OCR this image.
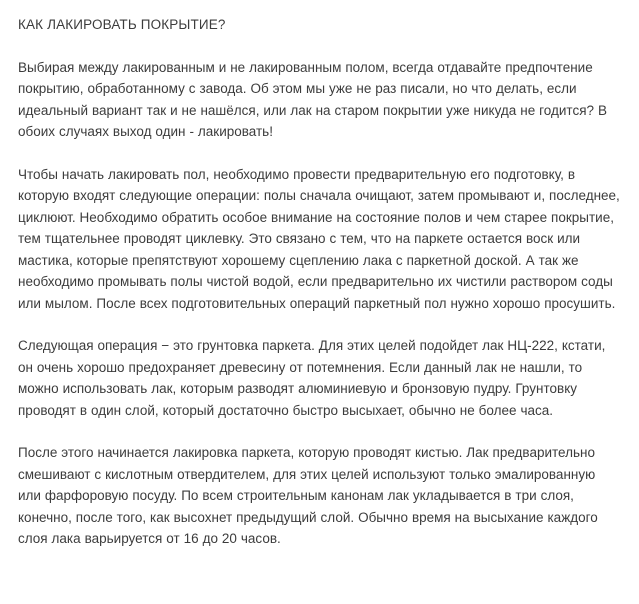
КАК ЛАКИРОВАТЬ ПОКРЫТИЕ?

Выбирая между лакированным и не лакированным полом, всегда отдавайте предпочтение покрытию, обработанному с завода. Об этом мы уже не раз писали, но что делать, если идеальный вариант так и не нашёлся, или лак на старом покрытии уже никуда не годится? В обоих случаях выход один - лакировать!

Чтобы начать лакировать пол, необходимо провести предварительную его подготовку, в которую входят следующие операции: полы сначала очищают, затем промывают и, последнее, циклюют. Необходимо обратить особое внимание на состояние полов и чем старее покрытие, тем тщательнее проводят циклевку. Это связано с тем, что на паркете остается воск или мастика, которые препятствуют хорошему сцеплению лака с паркетной доской. А так же необходимо промывать полы чистой водой, если предварительно их чистили раствором соды или мылом. После всех подготовительных операций паркетный пол нужно хорошо просушить.

Следующая операция − это грунтовка паркета. Для этих целей подойдет лак НЦ-222, кстати, он очень хорошо предохраняет древесину от потемнения. Если данный лак не нашли, то можно использовать лак, которым разводят алюминиевую и бронзовую пудру. Грунтовку проводят в один слой, который достаточно быстро высыхает, обычно не более часа.

После этого начинается лакировка паркета, которую проводят кистью. Лак предварительно смешивают с кислотным отвердителем, для этих целей используют только эмалированную или фарфоровую посуду. По всем строительным канонам лак укладывается в три слоя, конечно, после того, как высохнет предыдущий слой. Обычно время на высыхание каждого слоя лака варьируется от 16 до 20 часов.
